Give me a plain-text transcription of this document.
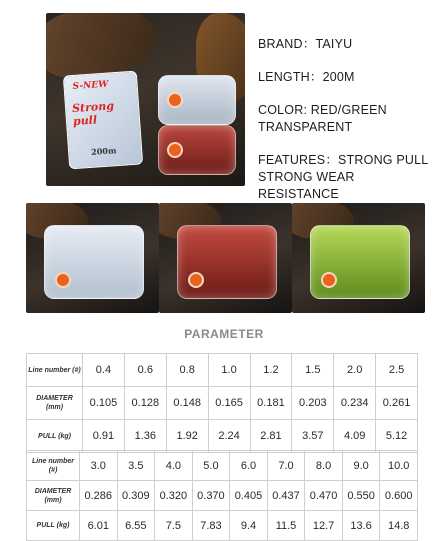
S-NEW
Strong pull
200m
BRAND：TAIYU
LENGTH：200M
COLOR: RED/GREEN
TRANSPARENT
FEATURES：STRONG PULL
STRONG WEAR RESISTANCE
PARAMETER
Line number (#)	0.4	0.6	0.8	1.0	1.2	1.5	2.0	2.5
DIAMETER (mm)	0.105	0.128	0.148	0.165	0.181	0.203	0.234	0.261
PULL (kg)	0.91	1.36	1.92	2.24	2.81	3.57	4.09	5.12
Line number (#)	3.0	3.5	4.0	5.0	6.0	7.0	8.0	9.0	10.0
DIAMETER (mm)	0.286	0.309	0.320	0.370	0.405	0.437	0.470	0.550	0.600
PULL (kg)	6.01	6.55	7.5	7.83	9.4	11.5	12.7	13.6	14.8
